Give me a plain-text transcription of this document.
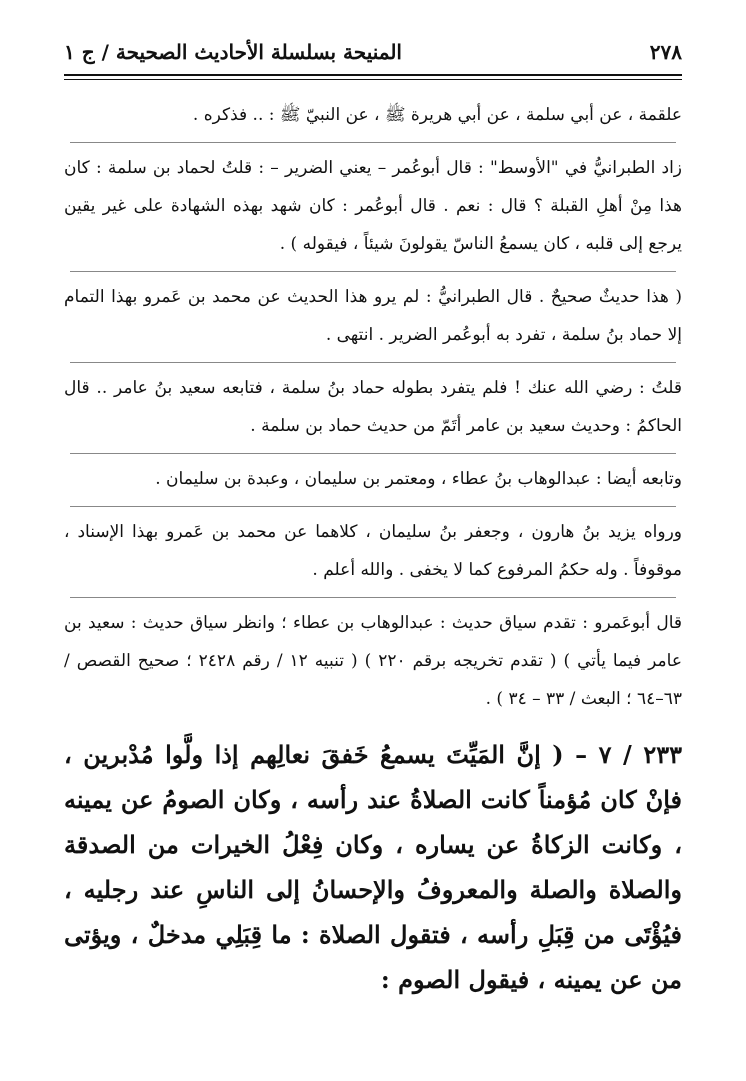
٢٧٨
المنيحة بسلسلة الأحاديث الصحيحة / ج ١

علقمة ، عن أبي سلمة ، عن أبي هريرة ﷺ ، عن النبيّ ﷺ : .. فذكره .

زاد الطبرانيُّ في "الأوسط" : قال أبوعُمر – يعني الضرير – : قلتُ لحماد بن سلمة : كان هذا مِنْ أهلِ القبلة ؟ قال : نعم . قال أبوعُمر : كان شهد بهذه الشهادة على غير يقين يرجع إلى قلبه ، كان يسمعُ الناسّ يقولونَ شيئاً ، فيقوله ) .

( هذا حديثٌ صحيحٌ . قال الطبرانيُّ : لم يرو هذا الحديث عن محمد بن عَمرو بهذا التمام إلا حماد بنُ سلمة ، تفرد به أبوعُمر الضرير . انتهى .

قلتُ : رضي الله عنك ! فلم يتفرد بطوله حماد بنُ سلمة ، فتابعه سعيد بنُ عامر .. قال الحاكمُ : وحديث سعيد بن عامر أتَمّ من حديث حماد بن سلمة .

وتابعه أيضا : عبدالوهاب بنُ عطاء ، ومعتمر بن سليمان ، وعبدة بن سليمان .

ورواه يزيد بنُ هارون ، وجعفر بنُ سليمان ، كلاهما عن محمد بن عَمرو بهذا الإسناد ، موقوفاً . وله حكمُ المرفوع كما لا يخفى . والله أعلم .

قال أبوعَمرو : تقدم سياق حديث : عبدالوهاب بن عطاء ؛ وانظر سياق حديث : سعيد بن عامر فيما يأتي ) ( تقدم تخريجه برقم ٢٢٠ ) ( تنبيه ١٢ / رقم ٢٤٢٨ ؛ صحيح القصص / ٦٣–٦٤ ؛ البعث / ٣٣ – ٣٤ ) .

٢٣٣ / ٧ – ( إنَّ المَيِّتَ يسمعُ خَفقَ نعالِهم إذا ولَّوا مُدْبرين ، فإنْ كان مُؤمناً كانت الصلاةُ عند رأسه ، وكان الصومُ عن يمينه ، وكانت الزكاةُ عن يساره ، وكان فِعْلُ الخيرات من الصدقة والصلاة والصلة والمعروفُ والإحسانُ إلى الناسِ عند رجليه ، فيُؤْتَى من قِبَلِ رأسه ، فتقول الصلاة : ما قِبَلِي مدخلٌ ، ويؤتى من عن يمينه ، فيقول الصوم :
